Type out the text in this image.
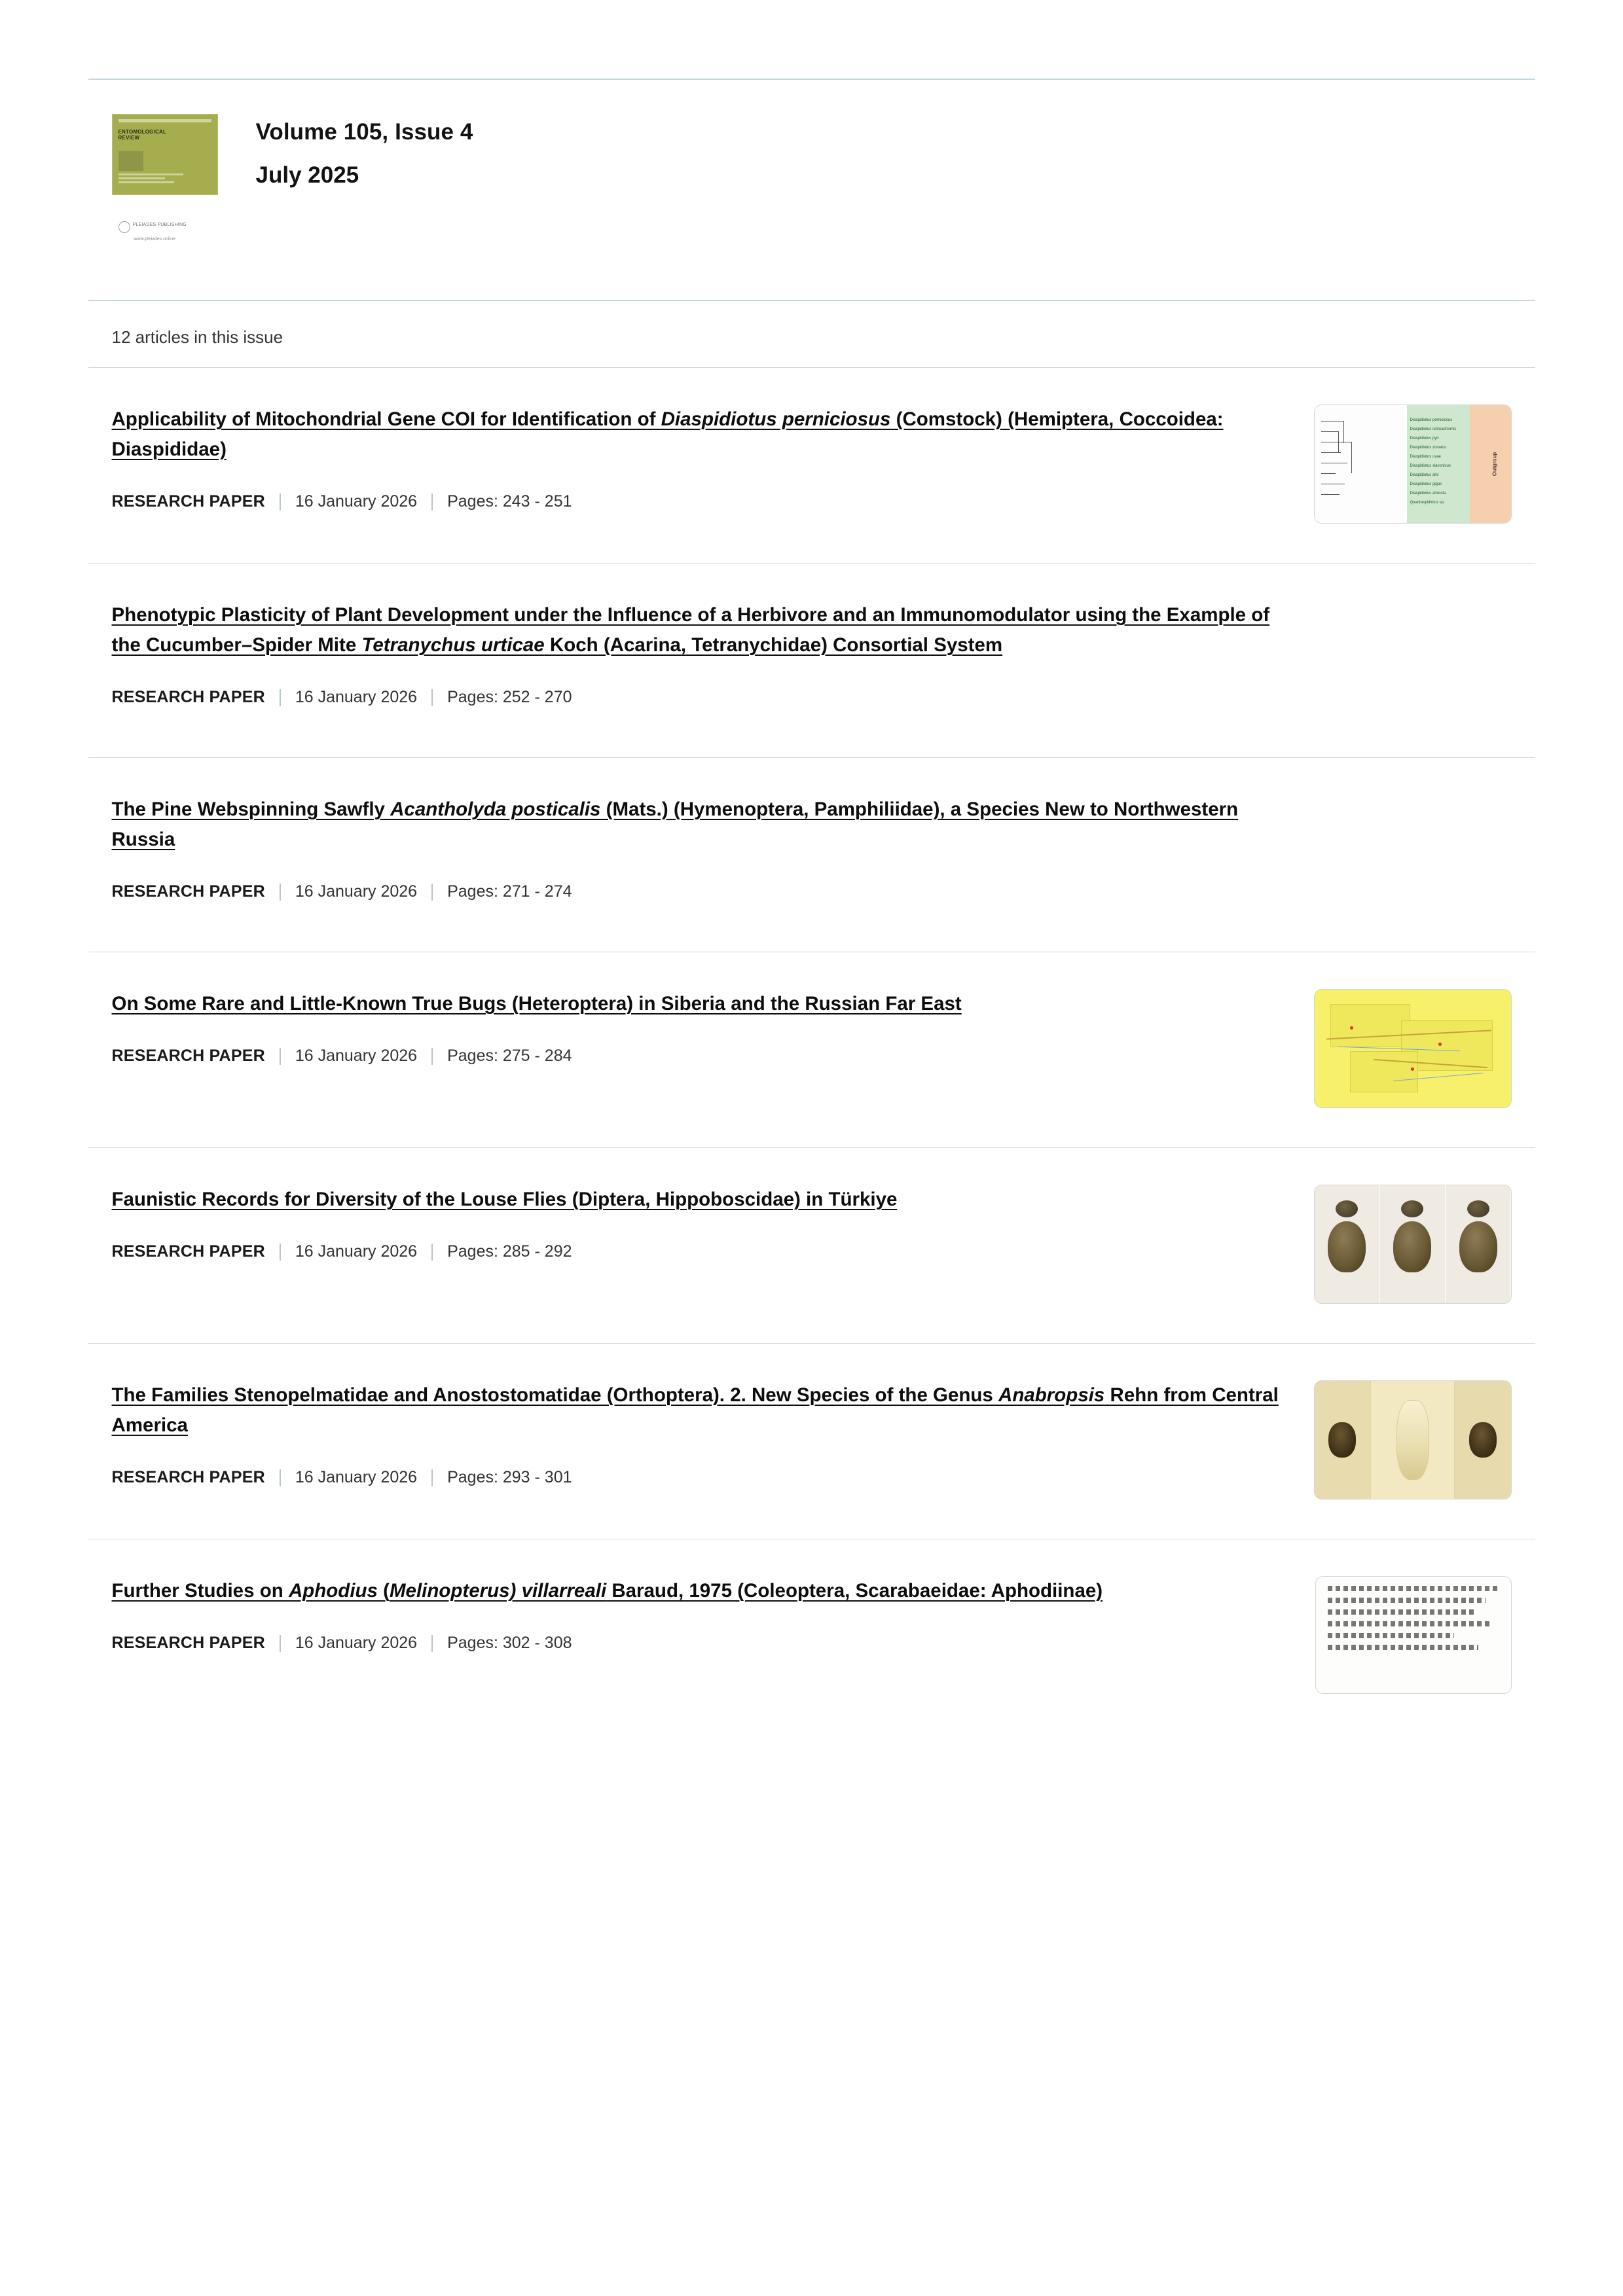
ENTOMOLOGICAL REVIEW
PLEIADES PUBLISHING
www.pleiades.online
Volume 105, Issue 4
July 2025
12 articles in this issue
Applicability of Mitochondrial Gene COI for Identification of Diaspidiotus perniciosus (Comstock) (Hemiptera, Coccoidea: Diaspididae)
RESEARCH PAPER 16 January 2026 Pages: 243 - 251
Diaspidiotus perniciosus
Diaspidiotus ostreaeformis
Diaspidiotus pyri
Diaspidiotus zonatus
Diaspidiotus uvae
Diaspidiotus slavonicus
Diaspidiotus alni
Diaspidiotus gigas
Diaspidiotus alnicola
Quadraspidiotus sp.
Outgroup
Phenotypic Plasticity of Plant Development under the Influence of a Herbivore and an Immunomodulator using the Example of the Cucumber–Spider Mite Tetranychus urticae Koch (Acarina, Tetranychidae) Consortial System
RESEARCH PAPER 16 January 2026 Pages: 252 - 270
The Pine Webspinning Sawfly Acantholyda posticalis (Mats.) (Hymenoptera, Pamphiliidae), a Species New to Northwestern Russia
RESEARCH PAPER 16 January 2026 Pages: 271 - 274
On Some Rare and Little-Known True Bugs (Heteroptera) in Siberia and the Russian Far East
RESEARCH PAPER 16 January 2026 Pages: 275 - 284
Faunistic Records for Diversity of the Louse Flies (Diptera, Hippoboscidae) in Türkiye
RESEARCH PAPER 16 January 2026 Pages: 285 - 292
The Families Stenopelmatidae and Anostostomatidae (Orthoptera). 2. New Species of the Genus Anabropsis Rehn from Central America
RESEARCH PAPER 16 January 2026 Pages: 293 - 301
Further Studies on Aphodius (Melinopterus) villarreali Baraud, 1975 (Coleoptera, Scarabaeidae: Aphodiinae)
RESEARCH PAPER 16 January 2026 Pages: 302 - 308
